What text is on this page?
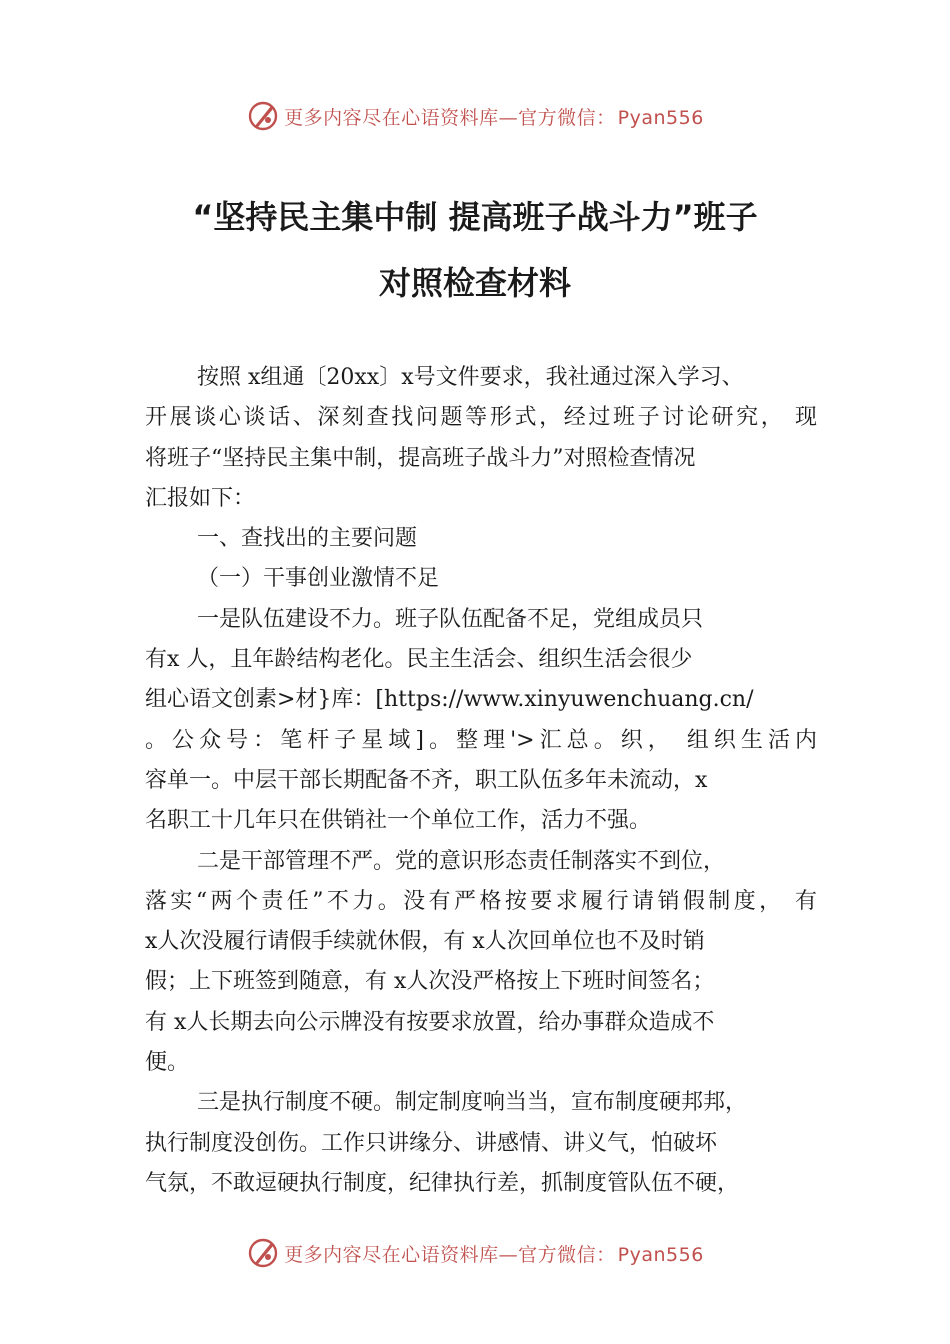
更多内容尽在心语资料库—官方微信： Pyan556
“坚持民主集中制 提高班子战斗力”班子
对照检查材料
按照 x组通〔20xx〕x号文件要求，我社通过深入学习、
开展谈心谈话、深刻查找问题等形式，经过班子讨论研究， 现
将班子“坚持民主集中制，提高班子战斗力”对照检查情况
汇报如下：
一、查找出的主要问题
（一）干事创业激情不足
一是队伍建设不力。班子队伍配备不足，党组成员只
有x 人，且年龄结构老化。民主生活会、组织生活会很少
组心语文创素>材}库：[https://www.xinyuwenchuang.cn/
。公众号：笔杆子星域]。整理'>汇总。织， 组织生活内
容单一。中层干部长期配备不齐，职工队伍多年未流动，x
名职工十几年只在供销社一个单位工作，活力不强。
二是干部管理不严。党的意识形态责任制落实不到位，
落实“两个责任”不力。没有严格按要求履行请销假制度， 有
x人次没履行请假手续就休假，有 x人次回单位也不及时销
假；上下班签到随意，有 x人次没严格按上下班时间签名；
有 x人长期去向公示牌没有按要求放置，给办事群众造成不
便。
三是执行制度不硬。制定制度响当当，宣布制度硬邦邦，
执行制度没创伤。工作只讲缘分、讲感情、讲义气，怕破坏
气氛，不敢逗硬执行制度，纪律执行差，抓制度管队伍不硬，
更多内容尽在心语资料库—官方微信： Pyan556
